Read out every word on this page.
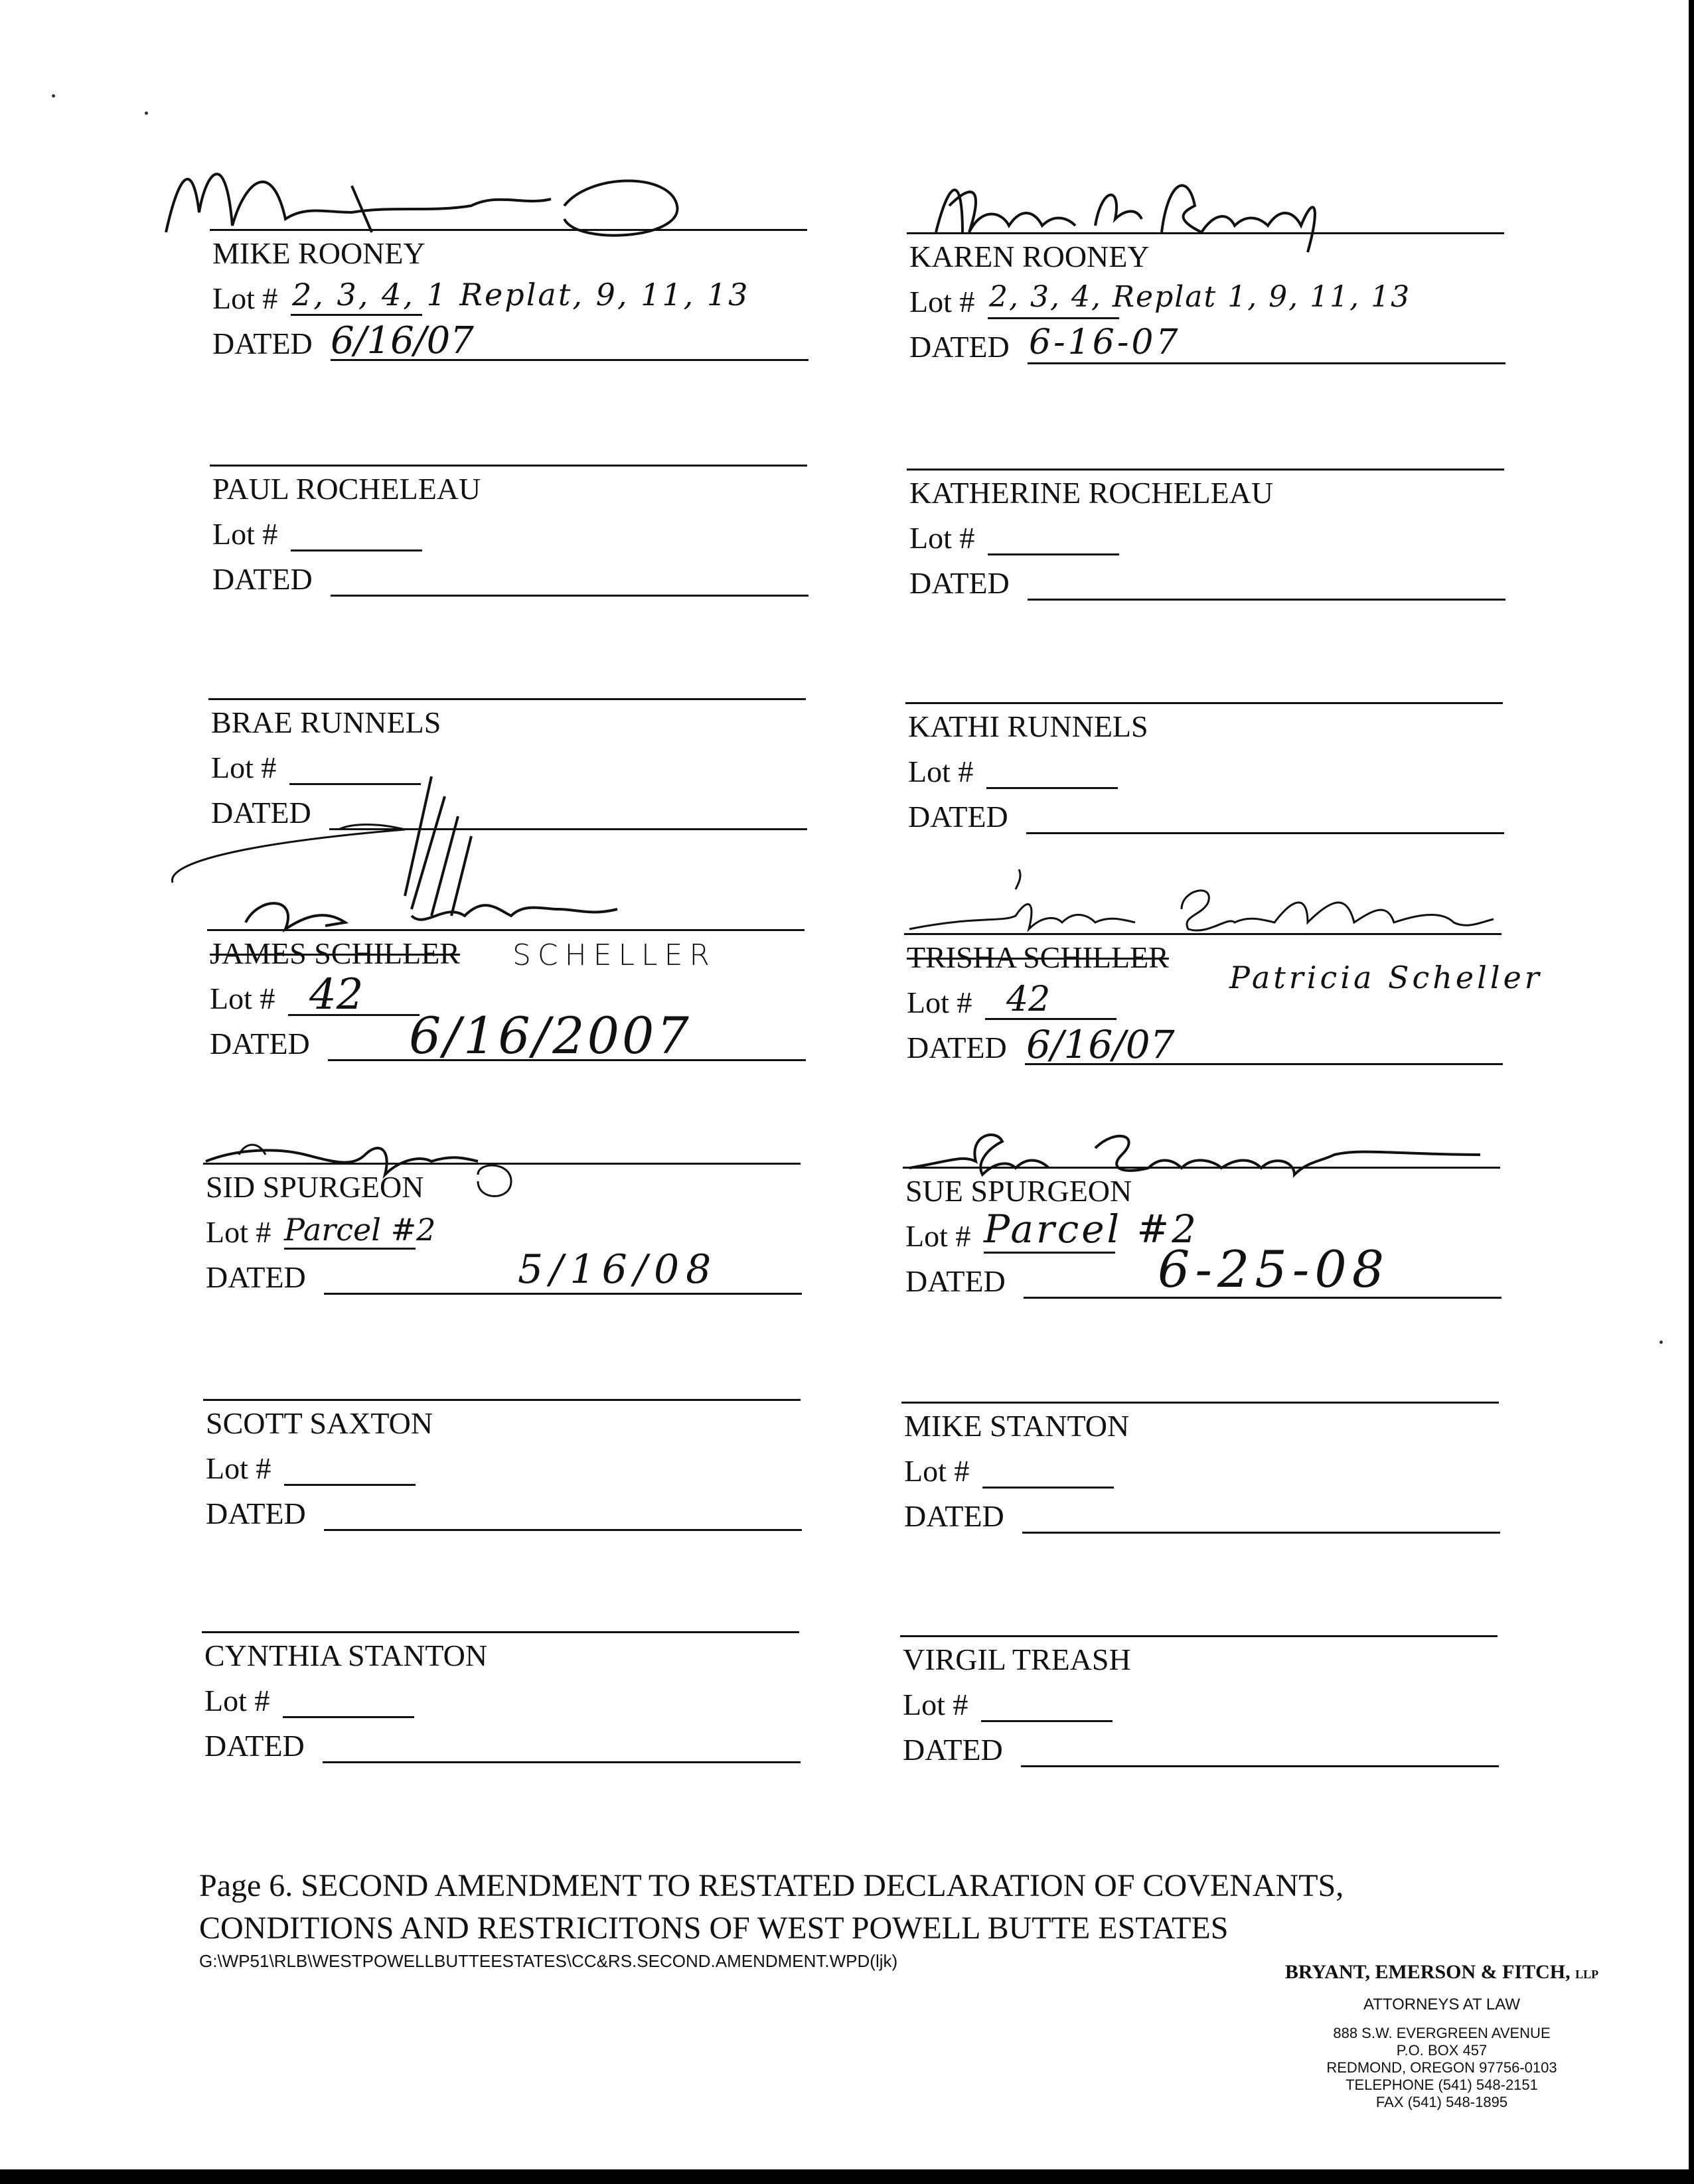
MIKE ROONEY
Lot # 2, 3, 4, 1 Replat, 9, 11, 13
DATED 6/16/07
KAREN ROONEY
Lot # 2, 3, 4, Replat 1, 9, 11, 13
DATED 6-16-07
PAUL ROCHELEAU
Lot #
DATED
KATHERINE ROCHELEAU
Lot #
DATED
BRAE RUNNELS
Lot #
DATED
KATHI RUNNELS
Lot #
DATED
JAMES SCHILLER SCHELLER
Lot # 42
DATED 6/16/2007
TRISHA SCHILLER
Patricia Scheller
Lot # 42
DATED 6/16/07
SID SPURGEON
Lot # Parcel #2
DATED	5/16/08
SUE SPURGEON
Lot # Parcel #2
DATED	6-25-08
SCOTT SAXTON
Lot #
DATED
MIKE STANTON
Lot #
DATED
CYNTHIA STANTON
Lot #
DATED
VIRGIL TREASH
Lot #
DATED
Page 6. SECOND AMENDMENT TO RESTATED DECLARATION OF COVENANTS,
CONDITIONS AND RESTRICITONS OF WEST POWELL BUTTE ESTATES
G:\WP51\RLB\WESTPOWELLBUTTEESTATES\CC&RS.SECOND.AMENDMENT.WPD(ljk)	BRYANT, EMERSON & FITCH, LLP
ATTORNEYS AT LAW
888 S.W. EVERGREEN AVENUE
P.O. BOX 457
REDMOND, OREGON 97756-0103
TELEPHONE (541) 548-2151
FAX (541) 548-1895
